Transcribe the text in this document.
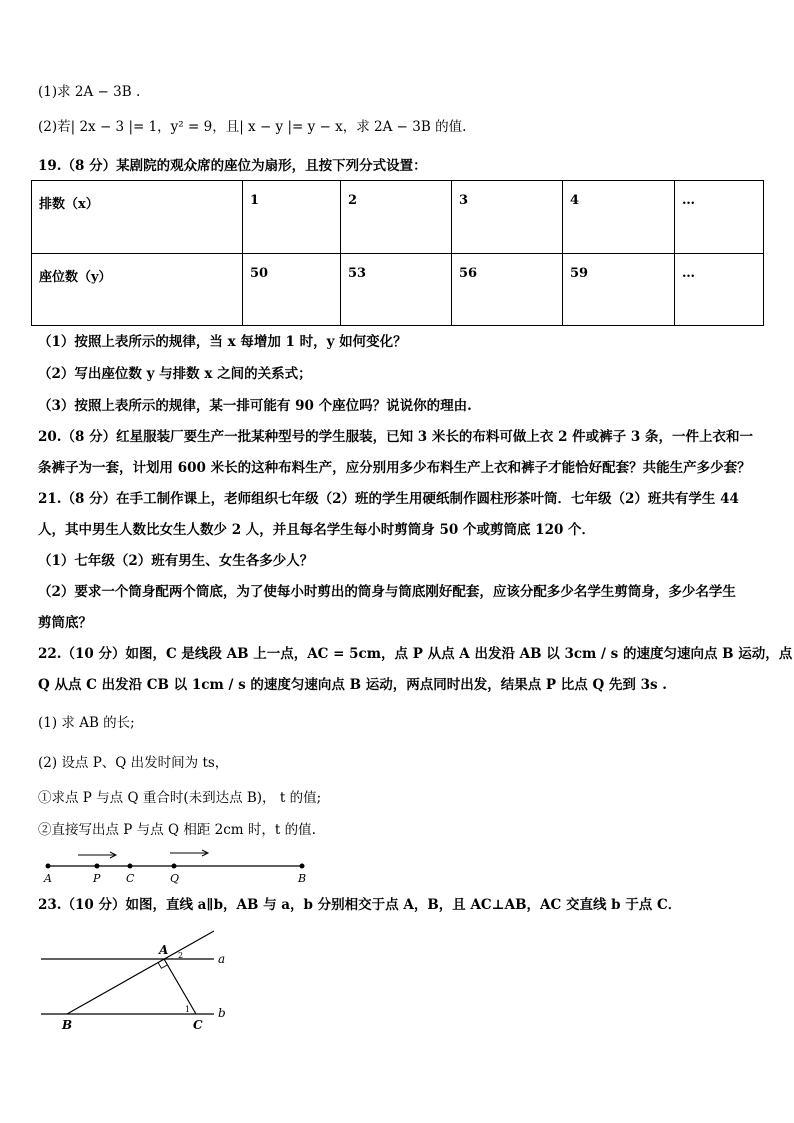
(1)求 2A − 3B .
(2)若| 2x − 3 |= 1，y² = 9，且| x − y |= y − x，求 2A − 3B 的值.
19.（8 分）某剧院的观众席的座位为扇形，且按下列分式设置：
排数（x）	1	2	3	4	…
座位数（y）	50	53	56	59	…
（1）按照上表所示的规律，当 x 每增加 1 时，y 如何变化？
（2）写出座位数 y 与排数 x 之间的关系式；
（3）按照上表所示的规律，某一排可能有 90 个座位吗？说说你的理由.
20.（8 分）红星服装厂要生产一批某种型号的学生服装，已知 3 米长的布料可做上衣 2 件或裤子 3 条，一件上衣和一
条裤子为一套，计划用 600 米长的这种布料生产，应分别用多少布料生产上衣和裤子才能恰好配套？共能生产多少套？
21.（8 分）在手工制作课上，老师组织七年级（2）班的学生用硬纸制作圆柱形茶叶筒．七年级（2）班共有学生 44
人，其中男生人数比女生人数少 2 人，并且每名学生每小时剪筒身 50 个或剪筒底 120 个．
（1）七年级（2）班有男生、女生各多少人？
（2）要求一个筒身配两个筒底，为了使每小时剪出的筒身与筒底刚好配套，应该分配多少名学生剪筒身，多少名学生
剪筒底？
22.（10 分）如图，C 是线段 AB 上一点，AC = 5cm，点 P 从点 A 出发沿 AB 以 3cm / s 的速度匀速向点 B 运动，点
Q 从点 C 出发沿 CB 以 1cm / s 的速度匀速向点 B 运动，两点同时出发，结果点 P 比点 Q 先到 3s .
(1) 求 AB 的长;
(2) 设点 P、Q 出发时间为 ts，
①求点 P 与点 Q 重合时(未到达点 B)， t 的值;
②直接写出点 P 与点 Q 相距 2cm 时，t 的值.
A	P C	Q	B
23.（10 分）如图，直线 a∥b，AB 与 a，b 分别相交于点 A，B，且 AC⊥AB，AC 交直线 b 于点 C．
A 2	a
1 b
B	C
